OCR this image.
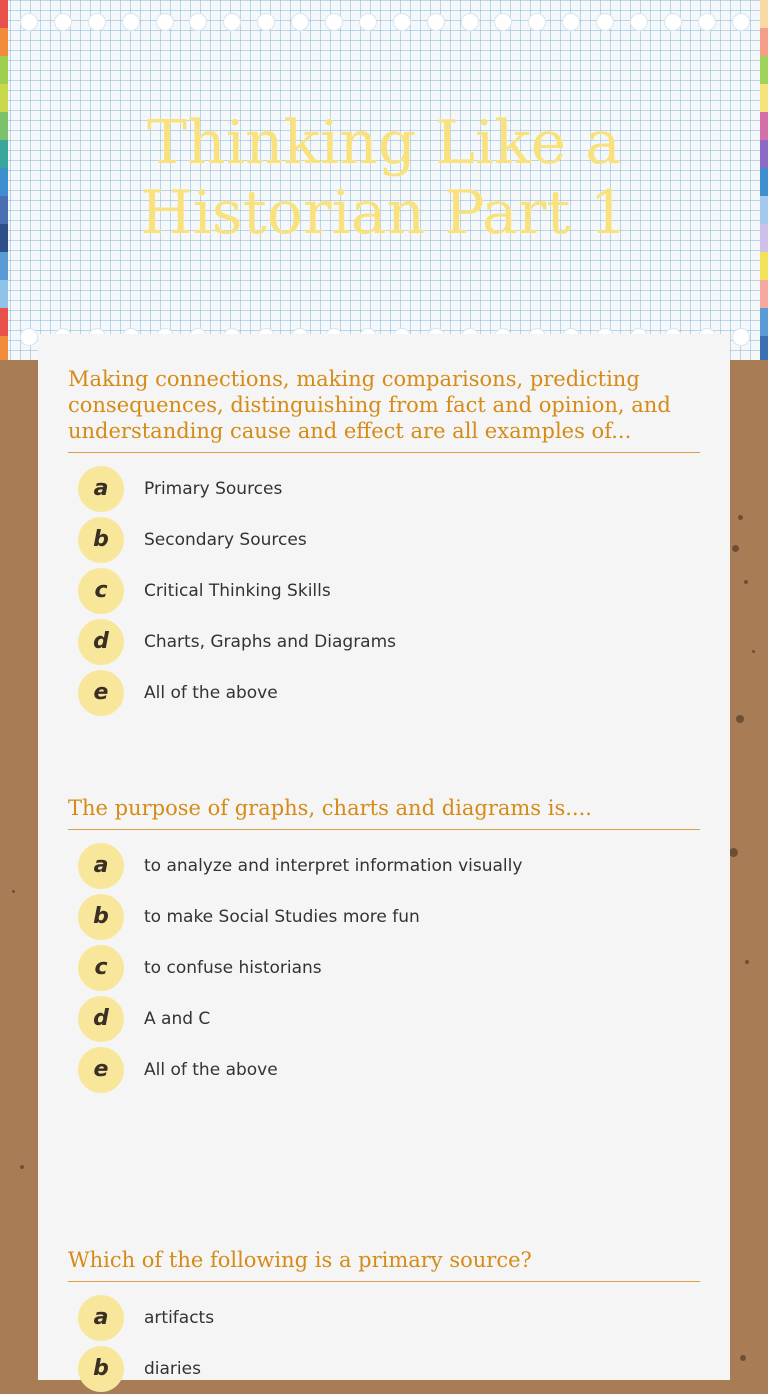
Thinking Like a Historian Part 1

Making connections, making comparisons, predicting consequences, distinguishing from fact and opinion, and understanding cause and effect are all examples of...

a	Primary Sources
b	Secondary Sources
c	Critical Thinking Skills
d	Charts, Graphs and Diagrams
e	All of the above

The purpose of graphs, charts and diagrams is....

a	to analyze and interpret information visually
b	to make Social Studies more fun
c	to confuse historians
d	A and C
e	All of the above

Which of the following is a primary source?

a	artifacts
b	diaries
